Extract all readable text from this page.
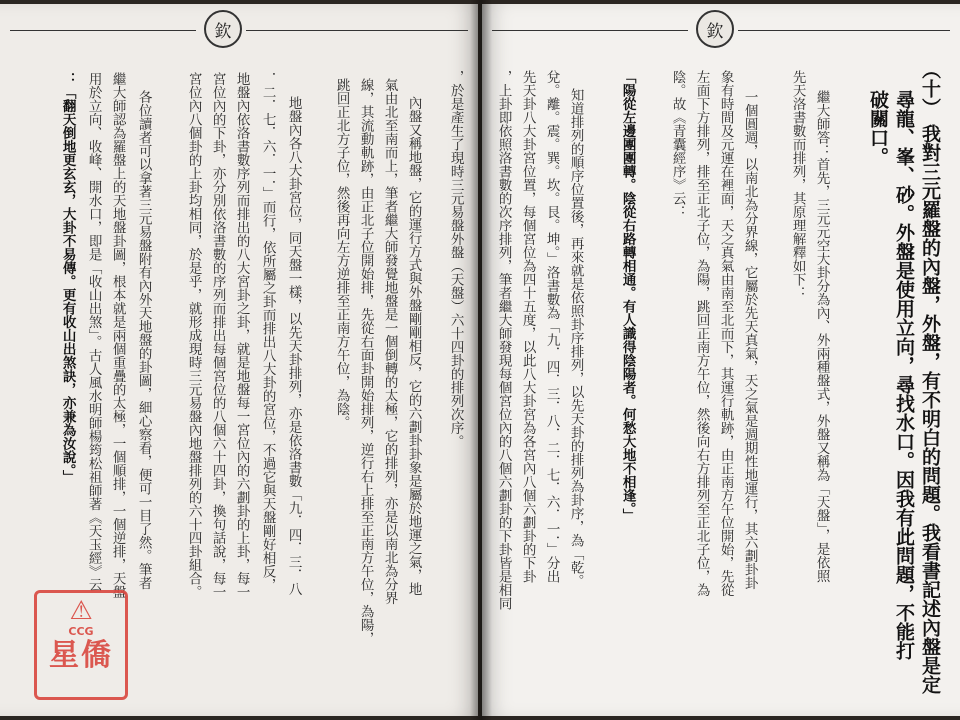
欽
，於是產生了現時三元易盤外盤（天盤）六十四卦的排列次序。
內盤又稱地盤，它的運行方式與外盤剛剛相反，它的六劃卦卦象是屬於地運之氣，地
氣由北至南而上，筆者繼大師發覺地盤是一個倒轉的太極，它的排列，亦是以南北為分界
線，其流動軌跡，由正北子位開始排，先從右面卦開始排列，逆行右上排至正南方午位，為陽，
跳回正北方子位，然後再向左方逆排至正南方午位，為陰。
地盤內各八大卦宮位，同天盤一樣，以先天卦排列，亦是依洛書數「九．四．三．八
．二．七．六．一．」而行，依所屬之卦而排出八大卦的宮位，不過它與天盤剛好相反，
地盤內依洛書數序列而排出的八大宮卦之卦，就是地盤每一宮位內的六劃卦的上卦，每一
宮位內的下卦，亦分別依洛書數的序列而排出每個宮位的八個六十四卦，換句話說，每一
宮位內八個卦的上卦均相同，於是乎，就形成現時三元易盤內地盤排列的六十四卦組合。
各位讀者可以拿著三元易盤附有內外天地盤的卦圖，細心察看，便可一目了然。筆者
繼大師認為羅盤上的天地盤卦圖，根本就是兩個重疊的太極，一個順排，一個逆排，天盤
用於立向、收峰、開水口，即是「收山出煞」。古人風水明師楊筠松祖師著《天玉經》云
：「翻天倒地更玄玄，大卦不易傳。更有收山出煞訣，亦兼為汝說。」
⚠
CCG
星僑
欽
（十） 我對三元羅盤的內盤，外盤，有不明白的問題。我看書記述內盤是定
尋龍、峯、砂。外盤是使用立向，尋找水口。因我有此問題，不能打
破關口。
繼大師答：首先，三元元空大卦分為內、外兩種盤式，外盤又稱為「天盤」，是依照
先天洛書數而排列，其原理解釋如下：
一個圓週，以南北為分界線，它屬於先天真氣，天之氣是週期性地運行，其六劃卦卦
象有時間及元運在裡面，天之真氣由南至北而下，其運行軌跡，由正南方午位開始，先從
左面下方排列，排至正北子位，為陽，跳回正南方午位，然後向右方排列至正北子位，為
陰。故《青囊經序》云：
「陽從左邊團團轉。陰從右路轉相通。有人識得陰陽者。何愁大地不相逢。」
知道排列的順序位置後，再來就是依照卦序排列，以先天卦的排列為卦序，為「乾。
兌。離。震。巽。坎。艮。坤。」洛書數為「九．四．三．八．二．七．六．一．」分出
先天卦八大卦宮位置，每個宮位為四十五度，以此八大卦宮為各宮內八個六劃卦的下卦
，上卦即依照洛書數的次序排列，筆者繼大師發現每個宮位內的八個六劃卦的下卦皆是相同
